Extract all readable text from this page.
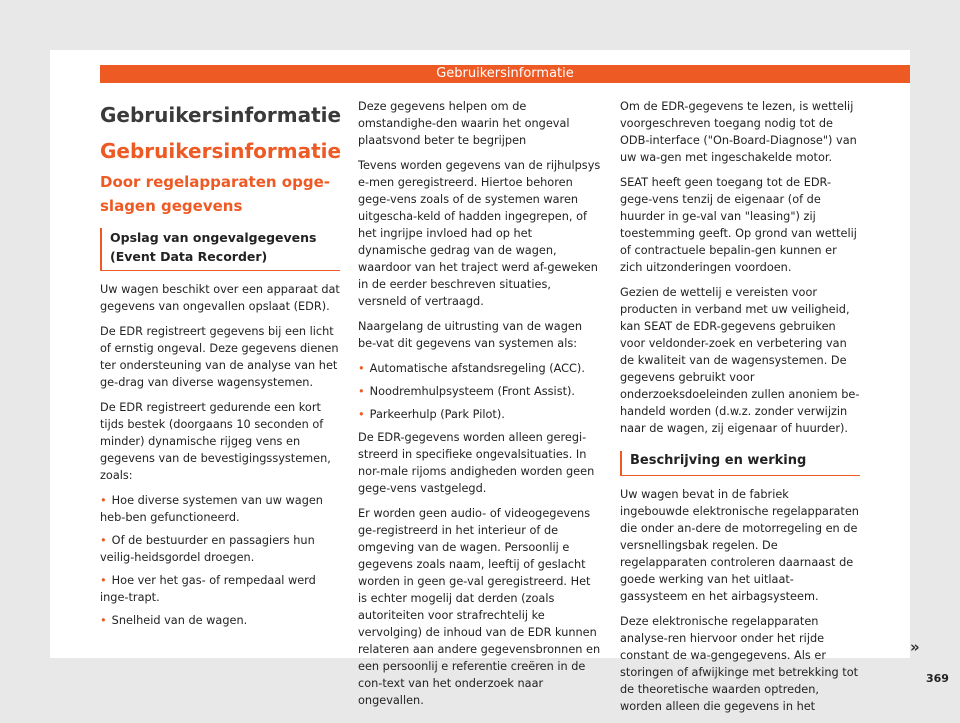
Gebruikersinformatie
Gebruikersinformatie
Gebruikersinformatie
Door regelapparaten opge-slagen gegevens
Opslag van ongevalgegevens (Event Data Recorder)

Uw wagen beschikt over een apparaat dat gegevens van ongevallen opslaat (EDR).

De EDR registreert gegevens bij een licht of ernstig ongeval. Deze gegevens dienen ter ondersteuning van de analyse van het ge-drag van diverse wagensystemen.

De EDR registreert gedurende een kort tijds bestek (doorgaans 10 seconden of minder) dynamische rijgeg vens en gegevens van de bevestigingssystemen, zoals:

• Hoe diverse systemen van uw wagen heb-ben gefunctioneerd.
• Of de bestuurder en passagiers hun veilig-heidsgordel droegen.
• Hoe ver het gas- of rempedaal werd inge-trapt.
• Snelheid van de wagen.

Deze gegevens helpen om de omstandighe-den waarin het ongeval plaatsvond beter te begrijpen

Tevens worden gegevens van de rijhulpsys e-men geregistreerd. Hiertoe behoren gege-vens zoals of de systemen waren uitgescha-keld of hadden ingegrepen, of het ingrijpe invloed had op het dynamische gedrag van de wagen, waardoor van het traject werd af-geweken in de eerder beschreven situaties, versneld of vertraagd.

Naargelang de uitrusting van de wagen be-vat dit gegevens van systemen als:

• Automatische afstandsregeling (ACC).
• Noodremhulpsysteem (Front Assist).
• Parkeerhulp (Park Pilot).

De EDR-gegevens worden alleen geregi-streerd in specifieke ongevalsituaties. In nor-male rijoms andigheden worden geen gege-vens vastgelegd.

Er worden geen audio- of videogegevens ge-registreerd in het interieur of de omgeving van de wagen. Persoonlij e gegevens zoals naam, leeftij of geslacht worden in geen ge-val geregistreerd. Het is echter mogelij dat derden (zoals autoriteiten voor strafrechtelij ke vervolging) de inhoud van de EDR kunnen relateren aan andere gegevensbronnen en een persoonlij e referentie creëren in de con-text van het onderzoek naar ongevallen.

Om de EDR-gegevens te lezen, is wettelij voorgeschreven toegang nodig tot de ODB-interface ("On-Board-Diagnose") van uw wa-gen met ingeschakelde motor.

SEAT heeft geen toegang tot de EDR-gege-vens tenzij de eigenaar (of de huurder in ge-val van "leasing") zij toestemming geeft. Op grond van wettelij of contractuele bepalin-gen kunnen er zich uitzonderingen voordoen.

Gezien de wettelij e vereisten voor producten in verband met uw veiligheid, kan SEAT de EDR-gegevens gebruiken voor veldonder-zoek en verbetering van de kwaliteit van de wagensystemen. De gegevens gebruikt voor onderzoeksdoeleinden zullen anoniem be-handeld worden (d.w.z. zonder verwijzin naar de wagen, zij eigenaar of huurder).

Beschrijving en werking

Uw wagen bevat in de fabriek ingebouwde elektronische regelapparaten die onder an-dere de motorregeling en de versnellingsbak regelen. De regelapparaten controleren daarnaast de goede werking van het uitlaat-gassysteem en het airbagsysteem.

Deze elektronische regelapparaten analyse-ren hiervoor onder het rijde constant de wa-gengegevens. Als er storingen of afwijkinge met betrekking tot de theoretische waarden optreden, worden alleen die gegevens in het

»
369
